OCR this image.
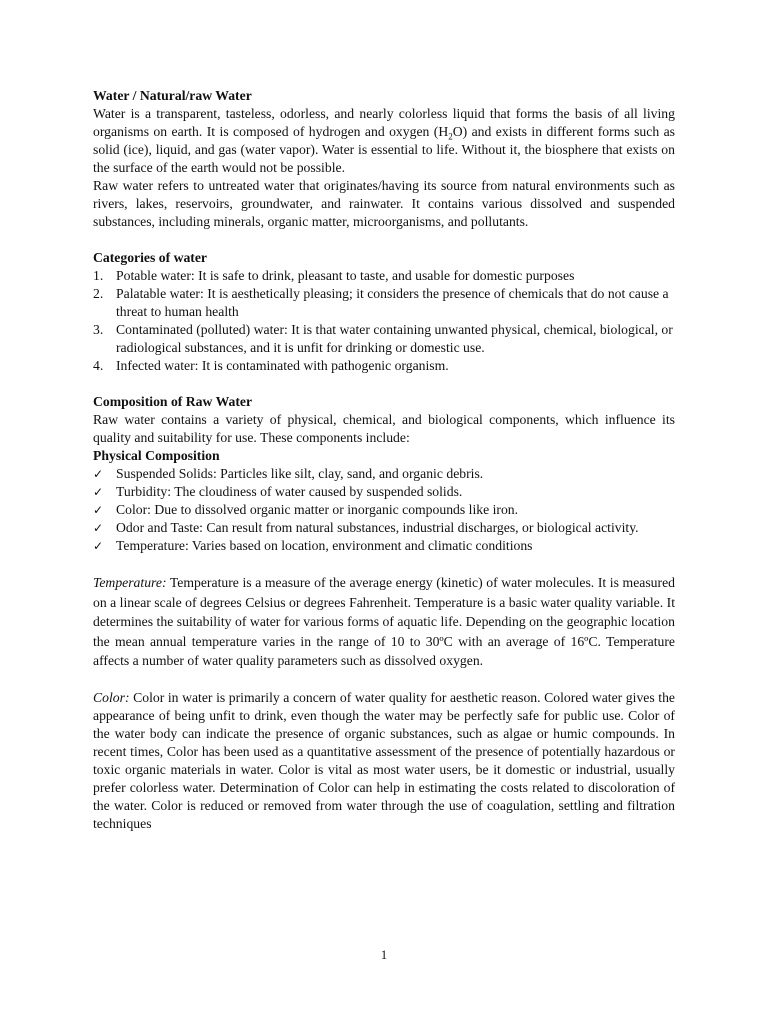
Water / Natural/raw Water

Water is a transparent, tasteless, odorless, and nearly colorless liquid that forms the basis of all living organisms on earth. It is composed of hydrogen and oxygen $(H_2O)$ and exists in different forms such as solid (ice), liquid, and gas (water vapor). Water is essential to life. Without it, the biosphere that exists on the surface of the earth would not be possible.

Raw water refers to untreated water that originates/having its source from natural environments such as rivers, lakes, reservoirs, groundwater, and rainwater. It contains various dissolved and suspended substances, including minerals, organic matter, microorganisms, and pollutants.

Categories of water
1. Potable water: It is safe to drink, pleasant to taste, and usable for domestic purposes
2. Palatable water: It is aesthetically pleasing; it considers the presence of chemicals that do not cause a threat to human health
3. Contaminated (polluted) water: It is that water containing unwanted physical, chemical, biological, or radiological substances, and it is unfit for drinking or domestic use.
4. Infected water: It is contaminated with pathogenic organism.
Composition of Raw Water

Raw water contains a variety of physical, chemical, and biological components, which influence its quality and suitability for use. These components include:

Physical Composition
✓ Suspended Solids: Particles like silt, clay, sand, and organic debris.
✓ Turbidity: The cloudiness of water caused by suspended solids.
✓ Color: Due to dissolved organic matter or inorganic compounds like iron.
✓ Odor and Taste: Can result from natural substances, industrial discharges, or biological activity.
✓ Temperature: Varies based on location, environment and climatic conditions

Temperature: Temperature is a measure of the average energy (kinetic) of water molecules. It is measured on a linear scale of degrees Celsius or degrees Fahrenheit. Temperature is a basic water quality variable. It determines the suitability of water for various forms of aquatic life. Depending on the geographic location the mean annual temperature varies in the range of 10 to 30ºC with an average of 16ºC. Temperature affects a number of water quality parameters such as dissolved oxygen.

Color: Color in water is primarily a concern of water quality for aesthetic reason. Colored water gives the appearance of being unfit to drink, even though the water may be perfectly safe for public use. Color of the water body can indicate the presence of organic substances, such as algae or humic compounds. In recent times, Color has been used as a quantitative assessment of the presence of potentially hazardous or toxic organic materials in water. Color is vital as most water users, be it domestic or industrial, usually prefer colorless water. Determination of Color can help in estimating the costs related to discoloration of the water. Color is reduced or removed from water through the use of coagulation, settling and filtration techniques

1
